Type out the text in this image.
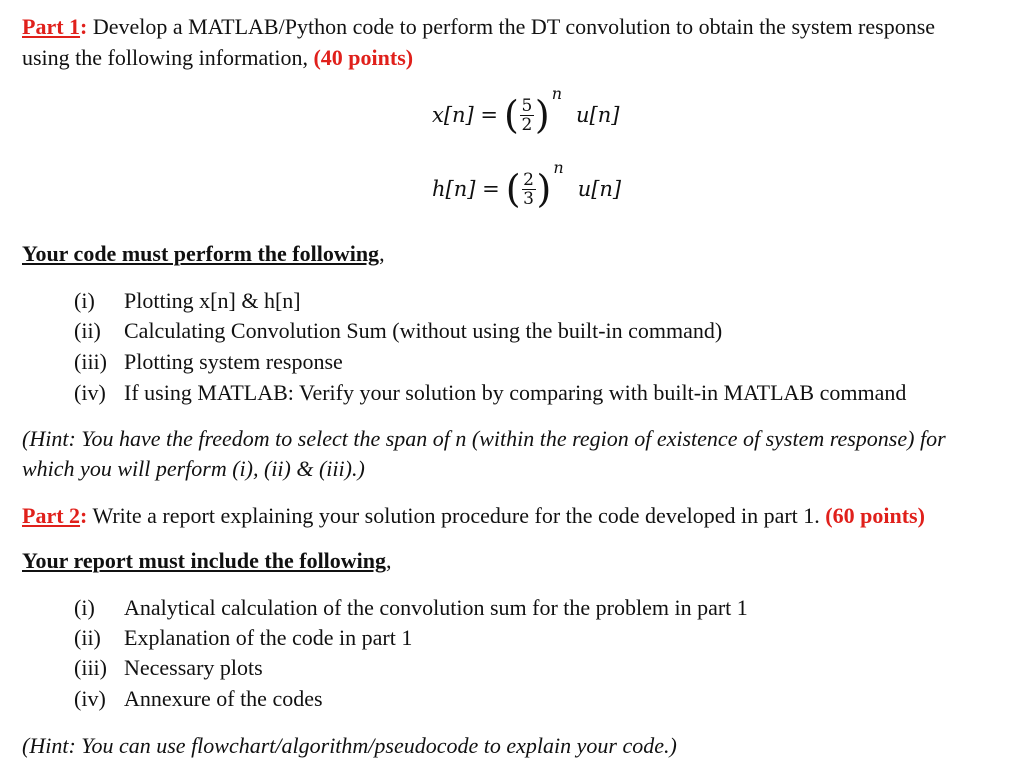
Part 1: Develop a MATLAB/Python code to perform the DT convolution to obtain the system response
using the following information, (40 points)
x[n] = ( $\frac{5}{2}$ ) n
u[n]
h[n] = ( $\frac{2}{3}$ ) n
u[n]
Your code must perform the following,
(i) Plotting x[n] & h[n]
(ii) Calculating Convolution Sum (without using the built-in command)
(iii) Plotting system response
(iv) If using MATLAB: Verify your solution by comparing with built-in MATLAB command
(Hint: You have the freedom to select the span of n (within the region of existence of system response) for
which you will perform (i), (ii) & (iii).)
Part 2: Write a report explaining your solution procedure for the code developed in part 1. (60 points)
Your report must include the following,
(i) Analytical calculation of the convolution sum for the problem in part 1
(ii) Explanation of the code in part 1
(iii) Necessary plots
(iv) Annexure of the codes
(Hint: You can use flowchart/algorithm/pseudocode to explain your code.)
